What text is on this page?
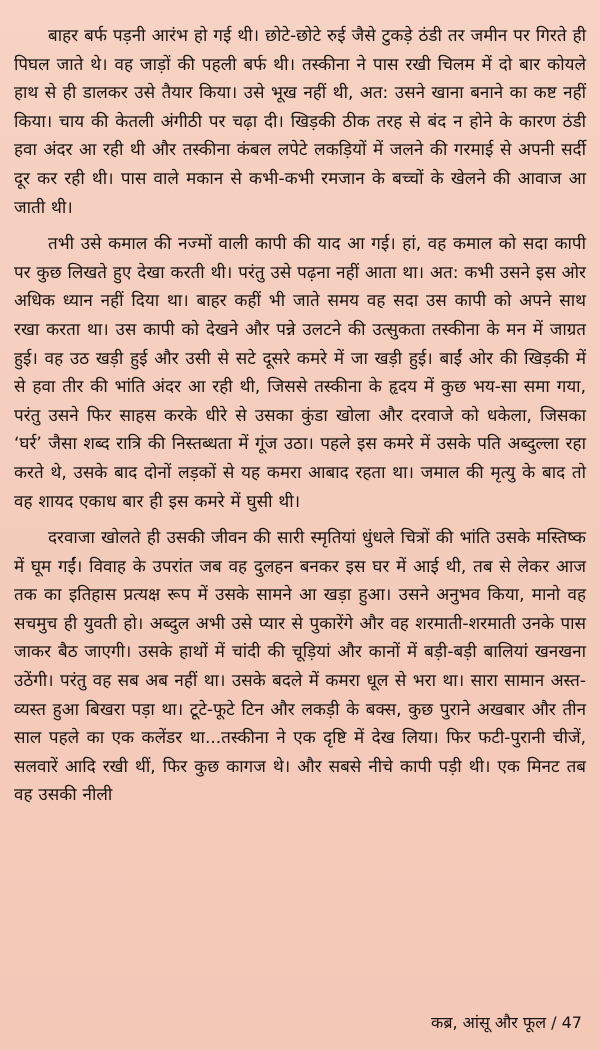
बाहर बर्फ पड़नी आरंभ हो गई थी। छोटे-छोटे रुई जैसे टुकड़े ठंडी तर जमीन पर गिरते ही पिघल जाते थे। वह जाड़ों की पहली बर्फ थी। तस्कीना ने पास रखी चिलम में दो बार कोयले हाथ से ही डालकर उसे तैयार किया। उसे भूख नहीं थी, अत: उसने खाना बनाने का कष्ट नहीं किया। चाय की केतली अंगीठी पर चढ़ा दी। खिड़की ठीक तरह से बंद न होने के कारण ठंडी हवा अंदर आ रही थी और तस्कीना कंबल लपेटे लकड़ियों में जलने की गरमाई से अपनी सर्दी दूर कर रही थी। पास वाले मकान से कभी-कभी रमजान के बच्चों के खेलने की आवाज आ जाती थी।

तभी उसे कमाल की नज्मों वाली कापी की याद आ गई। हां, वह कमाल को सदा कापी पर कुछ लिखते हुए देखा करती थी। परंतु उसे पढ़ना नहीं आता था। अत: कभी उसने इस ओर अधिक ध्यान नहीं दिया था। बाहर कहीं भी जाते समय वह सदा उस कापी को अपने साथ रखा करता था। उस कापी को देखने और पन्ने उलटने की उत्सुकता तस्कीना के मन में जाग्रत हुई। वह उठ खड़ी हुई और उसी से सटे दूसरे कमरे में जा खड़ी हुई। बाईं ओर की खिड़की में से हवा तीर की भांति अंदर आ रही थी, जिससे तस्कीना के हृदय में कुछ भय-सा समा गया, परंतु उसने फिर साहस करके धीरे से उसका कुंडा खोला और दरवाजे को धकेला, जिसका ‘घर्र’ जैसा शब्द रात्रि की निस्तब्धता में गूंज उठा। पहले इस कमरे में उसके पति अब्दुल्ला रहा करते थे, उसके बाद दोनों लड़कों से यह कमरा आबाद रहता था। जमाल की मृत्यु के बाद तो वह शायद एकाध बार ही इस कमरे में घुसी थी।

दरवाजा खोलते ही उसकी जीवन की सारी स्मृतियां धुंधले चित्रों की भांति उसके मस्तिष्क में घूम गईं। विवाह के उपरांत जब वह दुलहन बनकर इस घर में आई थी, तब से लेकर आज तक का इतिहास प्रत्यक्ष रूप में उसके सामने आ खड़ा हुआ। उसने अनुभव किया, मानो वह सचमुच ही युवती हो। अब्दुल अभी उसे प्यार से पुकारेंगे और वह शरमाती-शरमाती उनके पास जाकर बैठ जाएगी। उसके हाथों में चांदी की चूड़ियां और कानों में बड़ी-बड़ी बालियां खनखना उठेंगी। परंतु वह सब अब नहीं था। उसके बदले में कमरा धूल से भरा था। सारा सामान अस्त-व्यस्त हुआ बिखरा पड़ा था। टूटे-फूटे टिन और लकड़ी के बक्स, कुछ पुराने अखबार और तीन साल पहले का एक कलेंडर था...तस्कीना ने एक दृष्टि में देख लिया। फिर फटी-पुरानी चीजें, सलवारें आदि रखी थीं, फिर कुछ कागज थे। और सबसे नीचे कापी पड़ी थी। एक मिनट तब वह उसकी नीली

कब्र, आंसू और फूल / 47
